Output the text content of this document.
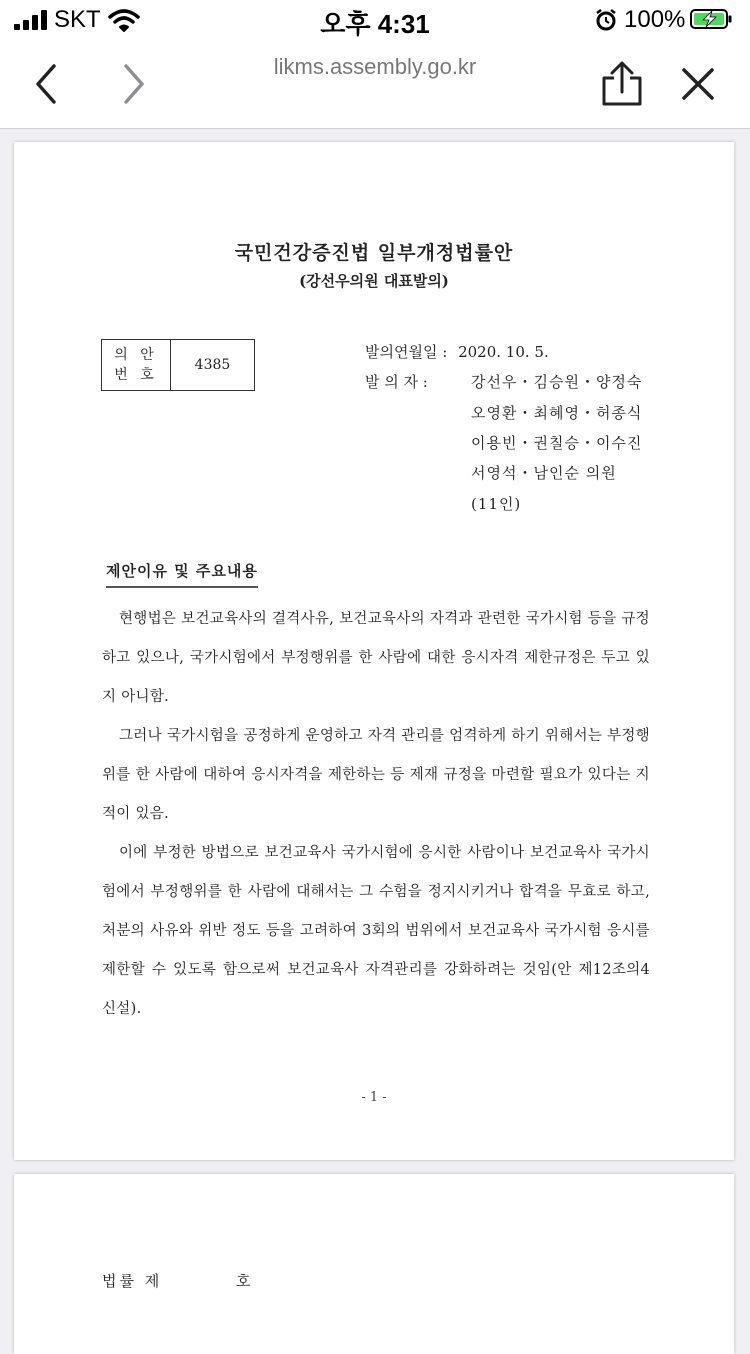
SKT	오후 4:31	100%
likms.assembly.go.kr
국민건강증진법 일부개정법률안
(강선우의원 대표발의)
의 안
번 호
4385
발의연월일 : 2020. 10. 5.
발 의 자 :	강선우・김승원・양정숙
오영환・최혜영・허종식
이용빈・권칠승・이수진
서영석・남인순 의원
(11인)
제안이유 및 주요내용
현행법은 보건교육사의 결격사유, 보건교육사의 자격과 관련한 국가시험 등을 규정하고 있으나, 국가시험에서 부정행위를 한 사람에 대한 응시자격 제한규정은 두고 있지 아니함.
그러나 국가시험을 공정하게 운영하고 자격 관리를 엄격하게 하기 위해서는 부정행위를 한 사람에 대하여 응시자격을 제한하는 등 제재 규정을 마련할 필요가 있다는 지적이 있음.
이에 부정한 방법으로 보건교육사 국가시험에 응시한 사람이나 보건교육사 국가시험에서 부정행위를 한 사람에 대해서는 그 수험을 정지시키거나 합격을 무효로 하고, 처분의 사유와 위반 정도 등을 고려하여 3회의 범위에서 보건교육사 국가시험 응시를 제한할 수 있도록 함으로써 보건교육사 자격관리를 강화하려는 것임(안 제12조의4 신설).
- 1 -
법률 제	호
